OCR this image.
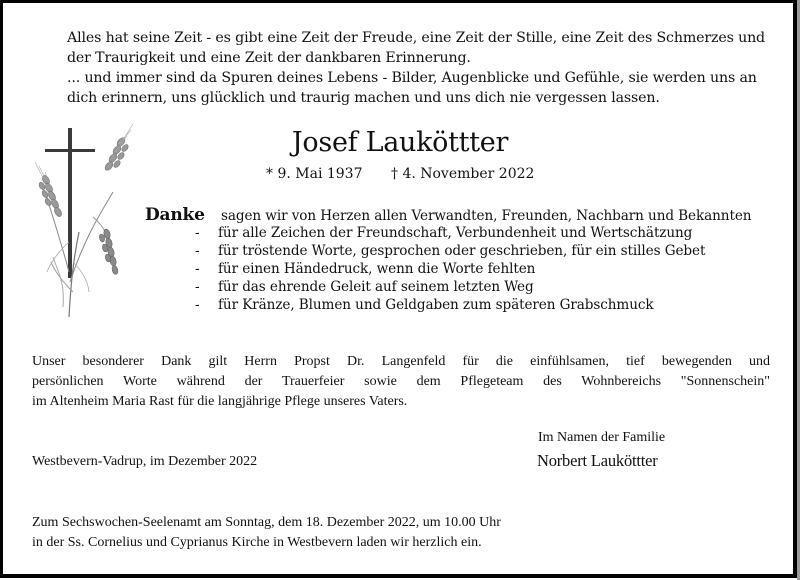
Alles hat seine Zeit - es gibt eine Zeit der Freude, eine Zeit der Stille, eine Zeit des Schmerzes und
der Traurigkeit und eine Zeit der dankbaren Erinnerung.
... und immer sind da Spuren deines Lebens - Bilder, Augenblicke und Gefühle, sie werden uns an
dich erinnern, uns glücklich und traurig machen und uns dich nie vergessen lassen.
Josef Lauköttter
* 9. Mai 1937 † 4. November 2022
Danke sagen wir von Herzen allen Verwandten, Freunden, Nachbarn und Bekannten
- für alle Zeichen der Freundschaft, Verbundenheit und Wertschätzung
- für tröstende Worte, gesprochen oder geschrieben, für ein stilles Gebet
- für einen Händedruck, wenn die Worte fehlten
- für das ehrende Geleit auf seinem letzten Weg
- für Kränze, Blumen und Geldgaben zum späteren Grabschmuck
Unser besonderer Dank gilt Herrn Propst Dr. Langenfeld für die einfühlsamen, tief bewegenden und
persönlichen Worte während der Trauerfeier sowie dem Pflegeteam des Wohnbereichs "Sonnenschein"
im Altenheim Maria Rast für die langjährige Pflege unseres Vaters.
Im Namen der Familie
Norbert Lauköttter
Westbevern-Vadrup, im Dezember 2022
Zum Sechswochen-Seelenamt am Sonntag, dem 18. Dezember 2022, um 10.00 Uhr
in der Ss. Cornelius und Cyprianus Kirche in Westbevern laden wir herzlich ein.
